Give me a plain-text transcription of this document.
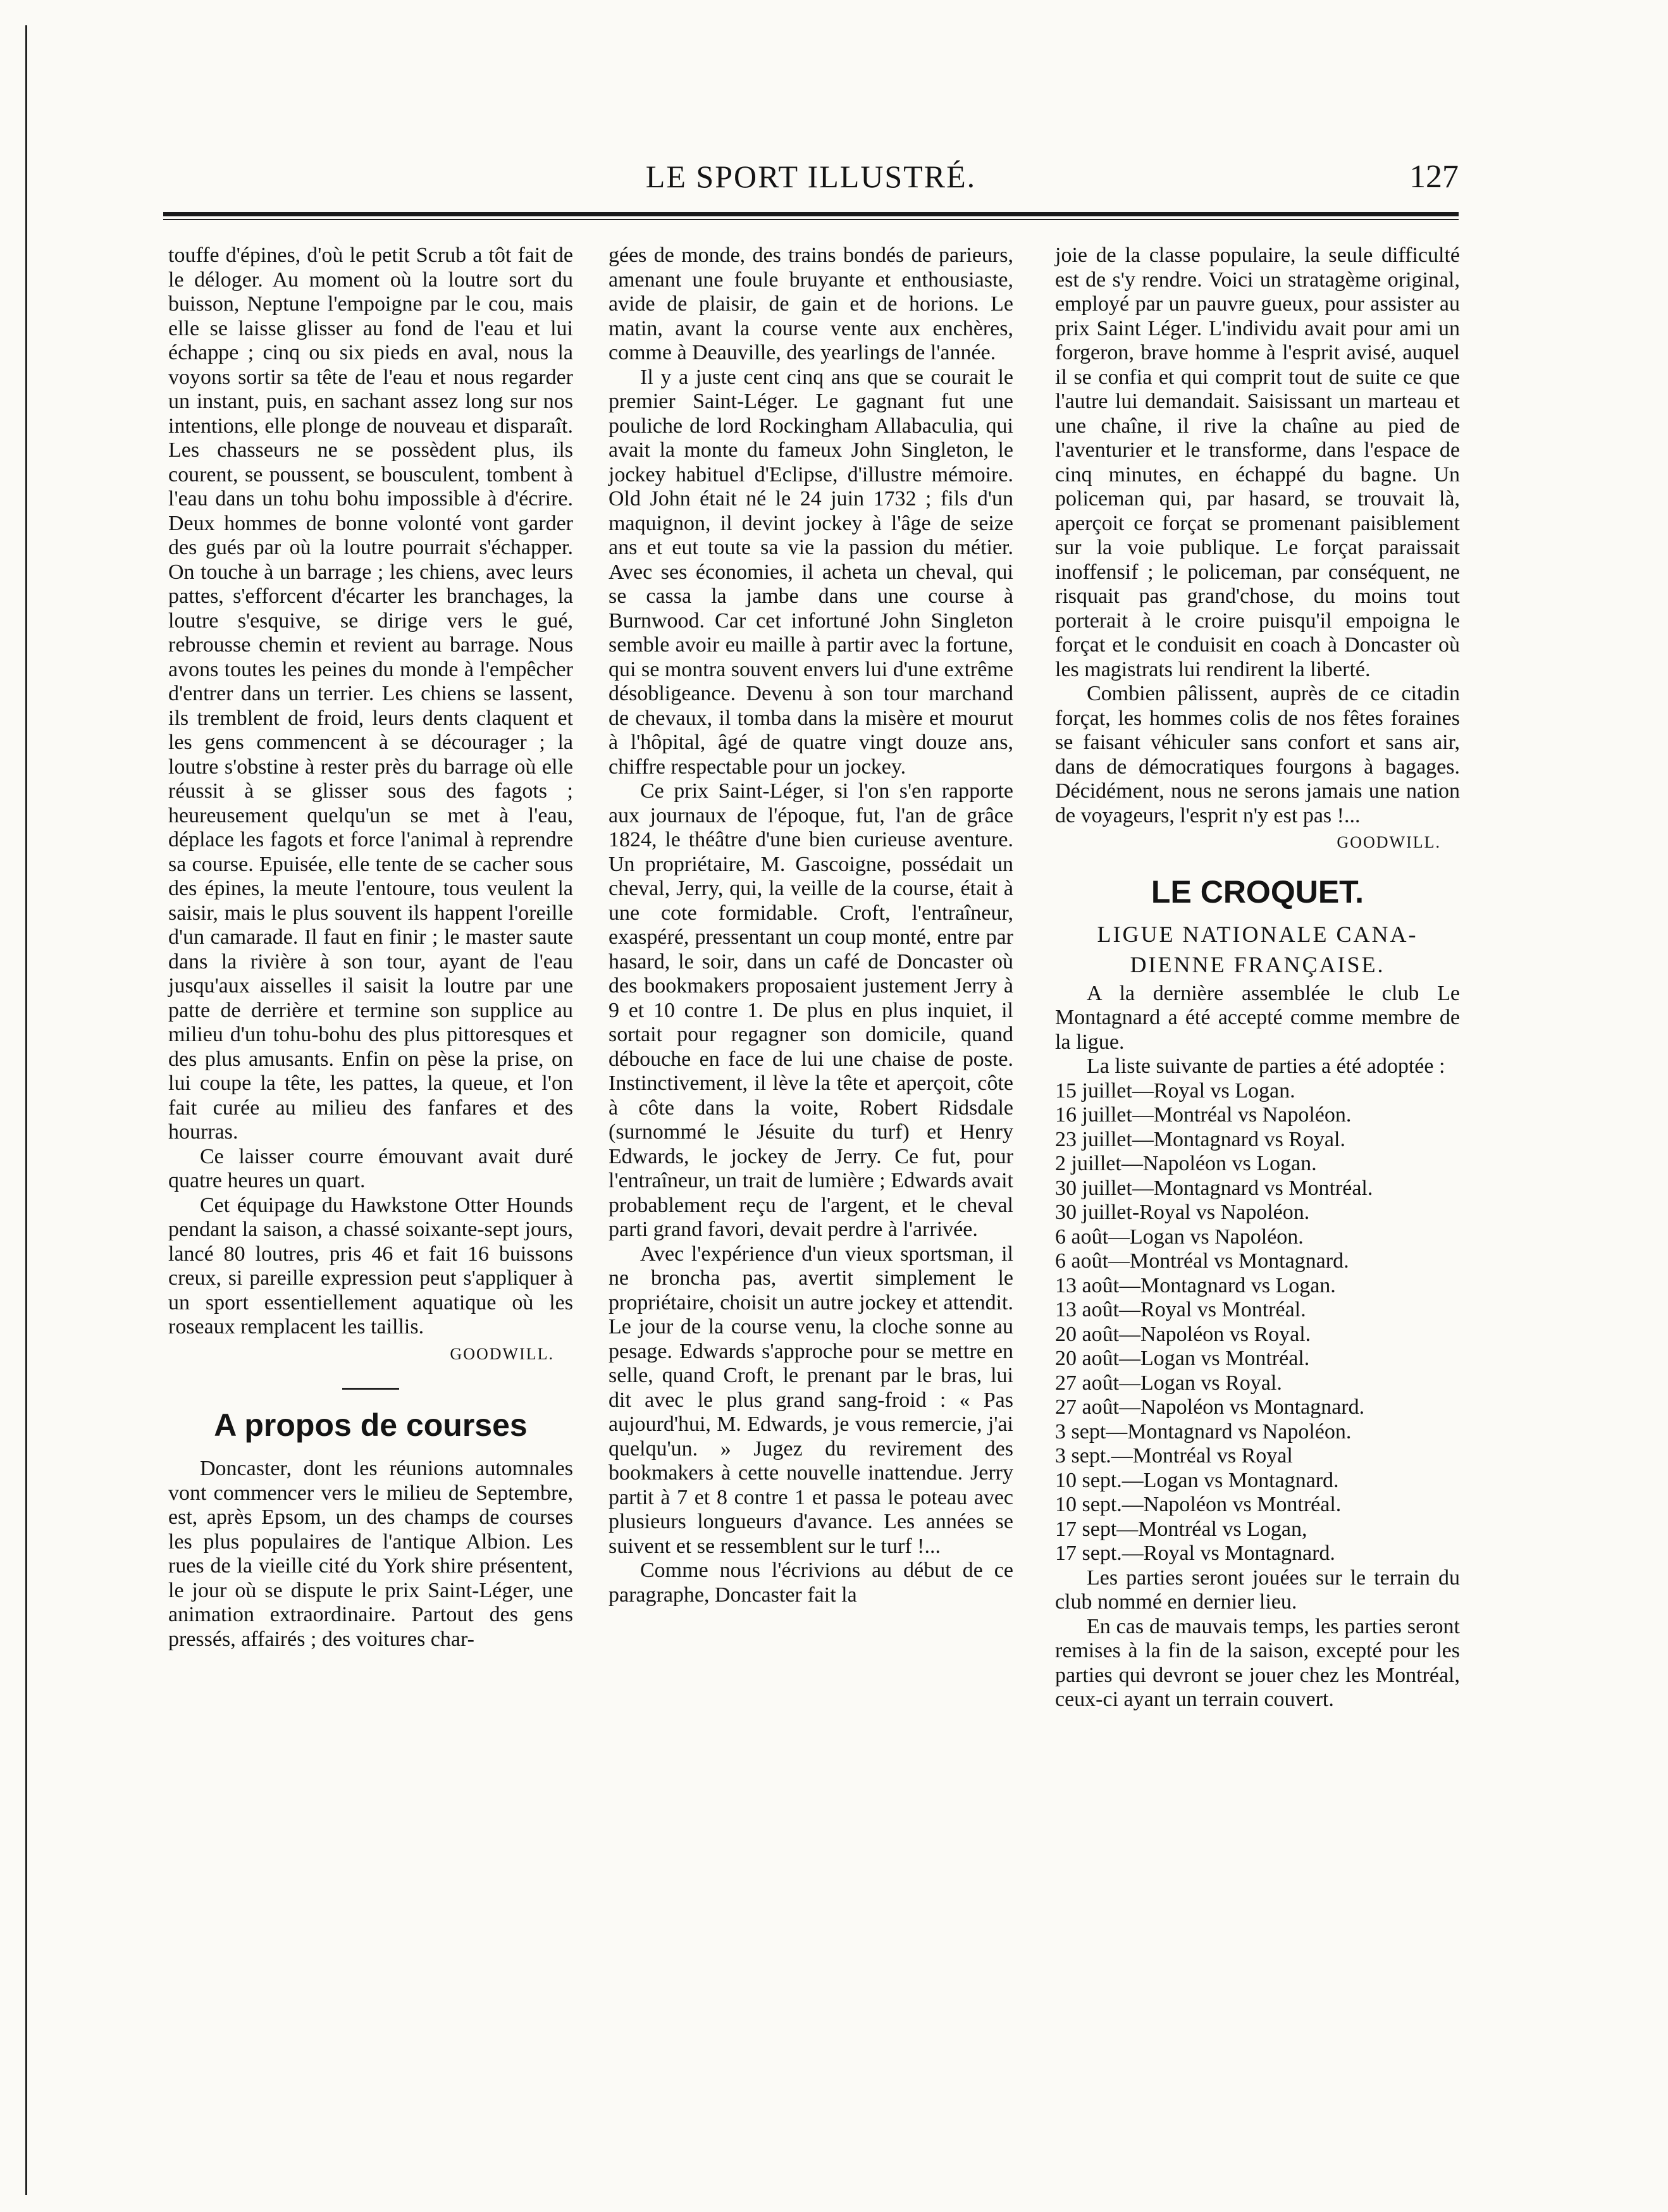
LE SPORT ILLUSTRÉ.	127

touffe d'épines, d'où le petit Scrub a tôt fait de le déloger. Au moment où la loutre sort du buisson, Neptune l'empoigne par le cou, mais elle se laisse glisser au fond de l'eau et lui échappe ; cinq ou six pieds en aval, nous la voyons sortir sa tête de l'eau et nous regarder un instant, puis, en sachant assez long sur nos intentions, elle plonge de nouveau et disparaît. Les chasseurs ne se possèdent plus, ils courent, se poussent, se bousculent, tombent à l'eau dans un tohu bohu impossible à d'écrire. Deux hommes de bonne volonté vont garder des gués par où la loutre pourrait s'échapper. On touche à un barrage ; les chiens, avec leurs pattes, s'efforcent d'écarter les branchages, la loutre s'esquive, se dirige vers le gué, rebrousse chemin et revient au barrage. Nous avons toutes les peines du monde à l'empêcher d'entrer dans un terrier. Les chiens se lassent, ils tremblent de froid, leurs dents claquent et les gens commencent à se décourager ; la loutre s'obstine à rester près du barrage où elle réussit à se glisser sous des fagots ; heureusement quelqu'un se met à l'eau, déplace les fagots et force l'animal à reprendre sa course. Epuisée, elle tente de se cacher sous des épines, la meute l'entoure, tous veulent la saisir, mais le plus souvent ils happent l'oreille d'un camarade. Il faut en finir ; le master saute dans la rivière à son tour, ayant de l'eau jusqu'aux aisselles il saisit la loutre par une patte de derrière et termine son supplice au milieu d'un tohu-bohu des plus pittoresques et des plus amusants. Enfin on pèse la prise, on lui coupe la tête, les pattes, la queue, et l'on fait curée au milieu des fanfares et des hourras.

Ce laisser courre émouvant avait duré quatre heures un quart.

Cet équipage du Hawkstone Otter Hounds pendant la saison, a chassé soixante-sept jours, lancé 80 loutres, pris 46 et fait 16 buissons creux, si pareille expression peut s'appliquer à un sport essentiellement aquatique où les roseaux remplacent les taillis.

GOODWILL.
A propos de courses

Doncaster, dont les réunions automnales vont commencer vers le milieu de Septembre, est, après Epsom, un des champs de courses les plus populaires de l'antique Albion. Les rues de la vieille cité du York shire présentent, le jour où se dispute le prix Saint-Léger, une animation extraordinaire. Partout des gens pressés, affairés ; des voitures char-

gées de monde, des trains bondés de parieurs, amenant une foule bruyante et enthousiaste, avide de plaisir, de gain et de horions. Le matin, avant la course vente aux enchères, comme à Deauville, des yearlings de l'année.

Il y a juste cent cinq ans que se courait le premier Saint-Léger. Le gagnant fut une pouliche de lord Rockingham Allabaculia, qui avait la monte du fameux John Singleton, le jockey habituel d'Eclipse, d'illustre mémoire. Old John était né le 24 juin 1732 ; fils d'un maquignon, il devint jockey à l'âge de seize ans et eut toute sa vie la passion du métier. Avec ses économies, il acheta un cheval, qui se cassa la jambe dans une course à Burnwood. Car cet infortuné John Singleton semble avoir eu maille à partir avec la fortune, qui se montra souvent envers lui d'une extrême désobligeance. Devenu à son tour marchand de chevaux, il tomba dans la misère et mourut à l'hôpital, âgé de quatre vingt douze ans, chiffre respectable pour un jockey.

Ce prix Saint-Léger, si l'on s'en rapporte aux journaux de l'époque, fut, l'an de grâce 1824, le théâtre d'une bien curieuse aventure. Un propriétaire, M. Gascoigne, possédait un cheval, Jerry, qui, la veille de la course, était à une cote formidable. Croft, l'entraîneur, exaspéré, pressentant un coup monté, entre par hasard, le soir, dans un café de Doncaster où des bookmakers proposaient justement Jerry à 9 et 10 contre 1. De plus en plus inquiet, il sortait pour regagner son domicile, quand débouche en face de lui une chaise de poste. Instinctivement, il lève la tête et aperçoit, côte à côte dans la voite, Robert Ridsdale (surnommé le Jésuite du turf) et Henry Edwards, le jockey de Jerry. Ce fut, pour l'entraîneur, un trait de lumière ; Edwards avait probablement reçu de l'argent, et le cheval parti grand favori, devait perdre à l'arrivée.

Avec l'expérience d'un vieux sportsman, il ne broncha pas, avertit simplement le propriétaire, choisit un autre jockey et attendit. Le jour de la course venu, la cloche sonne au pesage. Edwards s'approche pour se mettre en selle, quand Croft, le prenant par le bras, lui dit avec le plus grand sang-froid : « Pas aujourd'hui, M. Edwards, je vous remercie, j'ai quelqu'un. » Jugez du revirement des bookmakers à cette nouvelle inattendue. Jerry partit à 7 et 8 contre 1 et passa le poteau avec plusieurs longueurs d'avance. Les années se suivent et se ressemblent sur le turf !...

Comme nous l'écrivions au début de ce paragraphe, Doncaster fait la

joie de la classe populaire, la seule difficulté est de s'y rendre. Voici un stratagème original, employé par un pauvre gueux, pour assister au prix Saint Léger. L'individu avait pour ami un forgeron, brave homme à l'esprit avisé, auquel il se confia et qui comprit tout de suite ce que l'autre lui demandait. Saisissant un marteau et une chaîne, il rive la chaîne au pied de l'aventurier et le transforme, dans l'espace de cinq minutes, en échappé du bagne. Un policeman qui, par hasard, se trouvait là, aperçoit ce forçat se promenant paisiblement sur la voie publique. Le forçat paraissait inoffensif ; le policeman, par conséquent, ne risquait pas grand'chose, du moins tout porterait à le croire puisqu'il empoigna le forçat et le conduisit en coach à Doncaster où les magistrats lui rendirent la liberté.

Combien pâlissent, auprès de ce citadin forçat, les hommes colis de nos fêtes foraines se faisant véhiculer sans confort et sans air, dans de démocratiques fourgons à bagages. Décidément, nous ne serons jamais une nation de voyageurs, l'esprit n'y est pas !...

GOODWILL.
LE CROQUET.
LIGUE NATIONALE CANA-
DIENNE FRANÇAISE.

A la dernière assemblée le club Le Montagnard a été accepté comme membre de la ligue.

La liste suivante de parties a été adoptée :

15 juillet—Royal vs Logan.
16 juillet—Montréal vs Napoléon.
23 juillet—Montagnard vs Royal.
2 juillet—Napoléon vs Logan.
30 juillet—Montagnard vs Montréal.
30 juillet-Royal vs Napoléon.
6 août—Logan vs Napoléon.
6 août—Montréal vs Montagnard.
13 août—Montagnard vs Logan.
13 août—Royal vs Montréal.
20 août—Napoléon vs Royal.
20 août—Logan vs Montréal.
27 août—Logan vs Royal.
27 août—Napoléon vs Montagnard.
3 sept—Montagnard vs Napoléon.
3 sept.—Montréal vs Royal
10 sept.—Logan vs Montagnard.
10 sept.—Napoléon vs Montréal.
17 sept—Montréal vs Logan,
17 sept.—Royal vs Montagnard.

Les parties seront jouées sur le terrain du club nommé en dernier lieu.

En cas de mauvais temps, les parties seront remises à la fin de la saison, excepté pour les parties qui devront se jouer chez les Montréal, ceux-ci ayant un terrain couvert.
